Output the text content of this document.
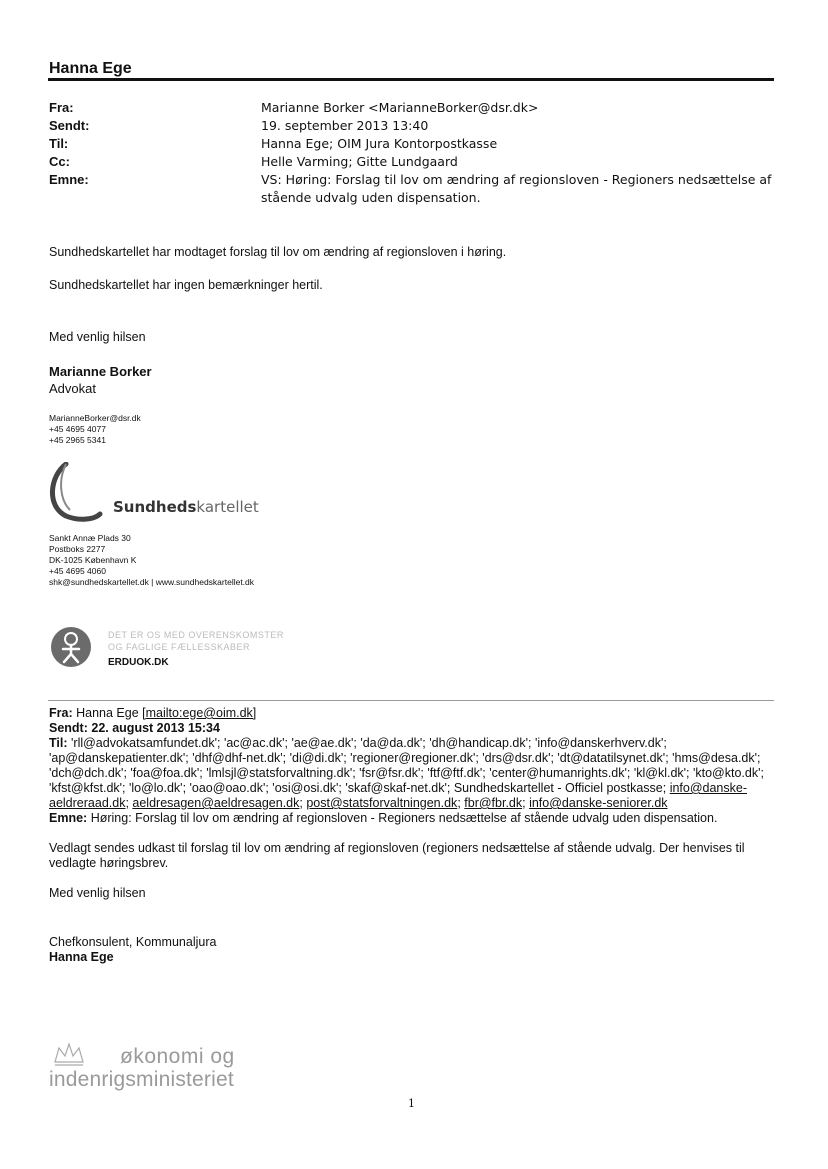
Hanna Ege
Fra:	Marianne Borker <MarianneBorker@dsr.dk>
Sendt:	19. september 2013 13:40
Til:	Hanna Ege; OIM Jura Kontorpostkasse
Cc:	Helle Varming; Gitte Lundgaard
Emne:	VS: Høring: Forslag til lov om ændring af regionsloven - Regioners nedsættelse af stående udvalg uden dispensation.
Sundhedskartellet har modtaget forslag til lov om ændring af regionsloven i høring.
Sundhedskartellet har ingen bemærkninger hertil.
Med venlig hilsen
Marianne Borker
Advokat
MarianneBorker@dsr.dk
+45 4695 4077
+45 2965 5341
Sundhedskartellet
Sankt Annæ Plads 30
Postboks 2277
DK-1025 København K
+45 4695 4060
shk@sundhedskartellet.dk | www.sundhedskartellet.dk
DET ER OS MED OVERENSKOMSTER
OG FAGLIGE FÆLLESSKABER
ERDUOK.DK
Fra: Hanna Ege [mailto:ege@oim.dk]
Sendt: 22. august 2013 15:34
Til: 'rll@advokatsamfundet.dk'; 'ac@ac.dk'; 'ae@ae.dk'; 'da@da.dk'; 'dh@handicap.dk'; 'info@danskerhverv.dk'; 'ap@danskepatienter.dk'; 'dhf@dhf-net.dk'; 'di@di.dk'; 'regioner@regioner.dk'; 'drs@dsr.dk'; 'dt@datatilsynet.dk'; 'hms@desa.dk'; 'dch@dch.dk'; 'foa@foa.dk'; 'lmlsjl@statsforvaltning.dk'; 'fsr@fsr.dk'; 'ftf@ftf.dk'; 'center@humanrights.dk'; 'kl@kl.dk'; 'kto@kto.dk'; 'kfst@kfst.dk'; 'lo@lo.dk'; 'oao@oao.dk'; 'osi@osi.dk'; 'skaf@skaf-net.dk'; Sundhedskartellet - Officiel postkasse; info@danske-aeldreraad.dk; aeldresagen@aeldresagen.dk; post@statsforvaltningen.dk; fbr@fbr.dk; info@danske-seniorer.dk
Emne: Høring: Forslag til lov om ændring af regionsloven - Regioners nedsættelse af stående udvalg uden dispensation.
Vedlagt sendes udkast til forslag til lov om ændring af regionsloven (regioners nedsættelse af stående udvalg. Der henvises til vedlagte høringsbrev.
Med venlig hilsen
Chefkonsulent, Kommunaljura
Hanna Ege
økonomi og
indenrigsministeriet
1
